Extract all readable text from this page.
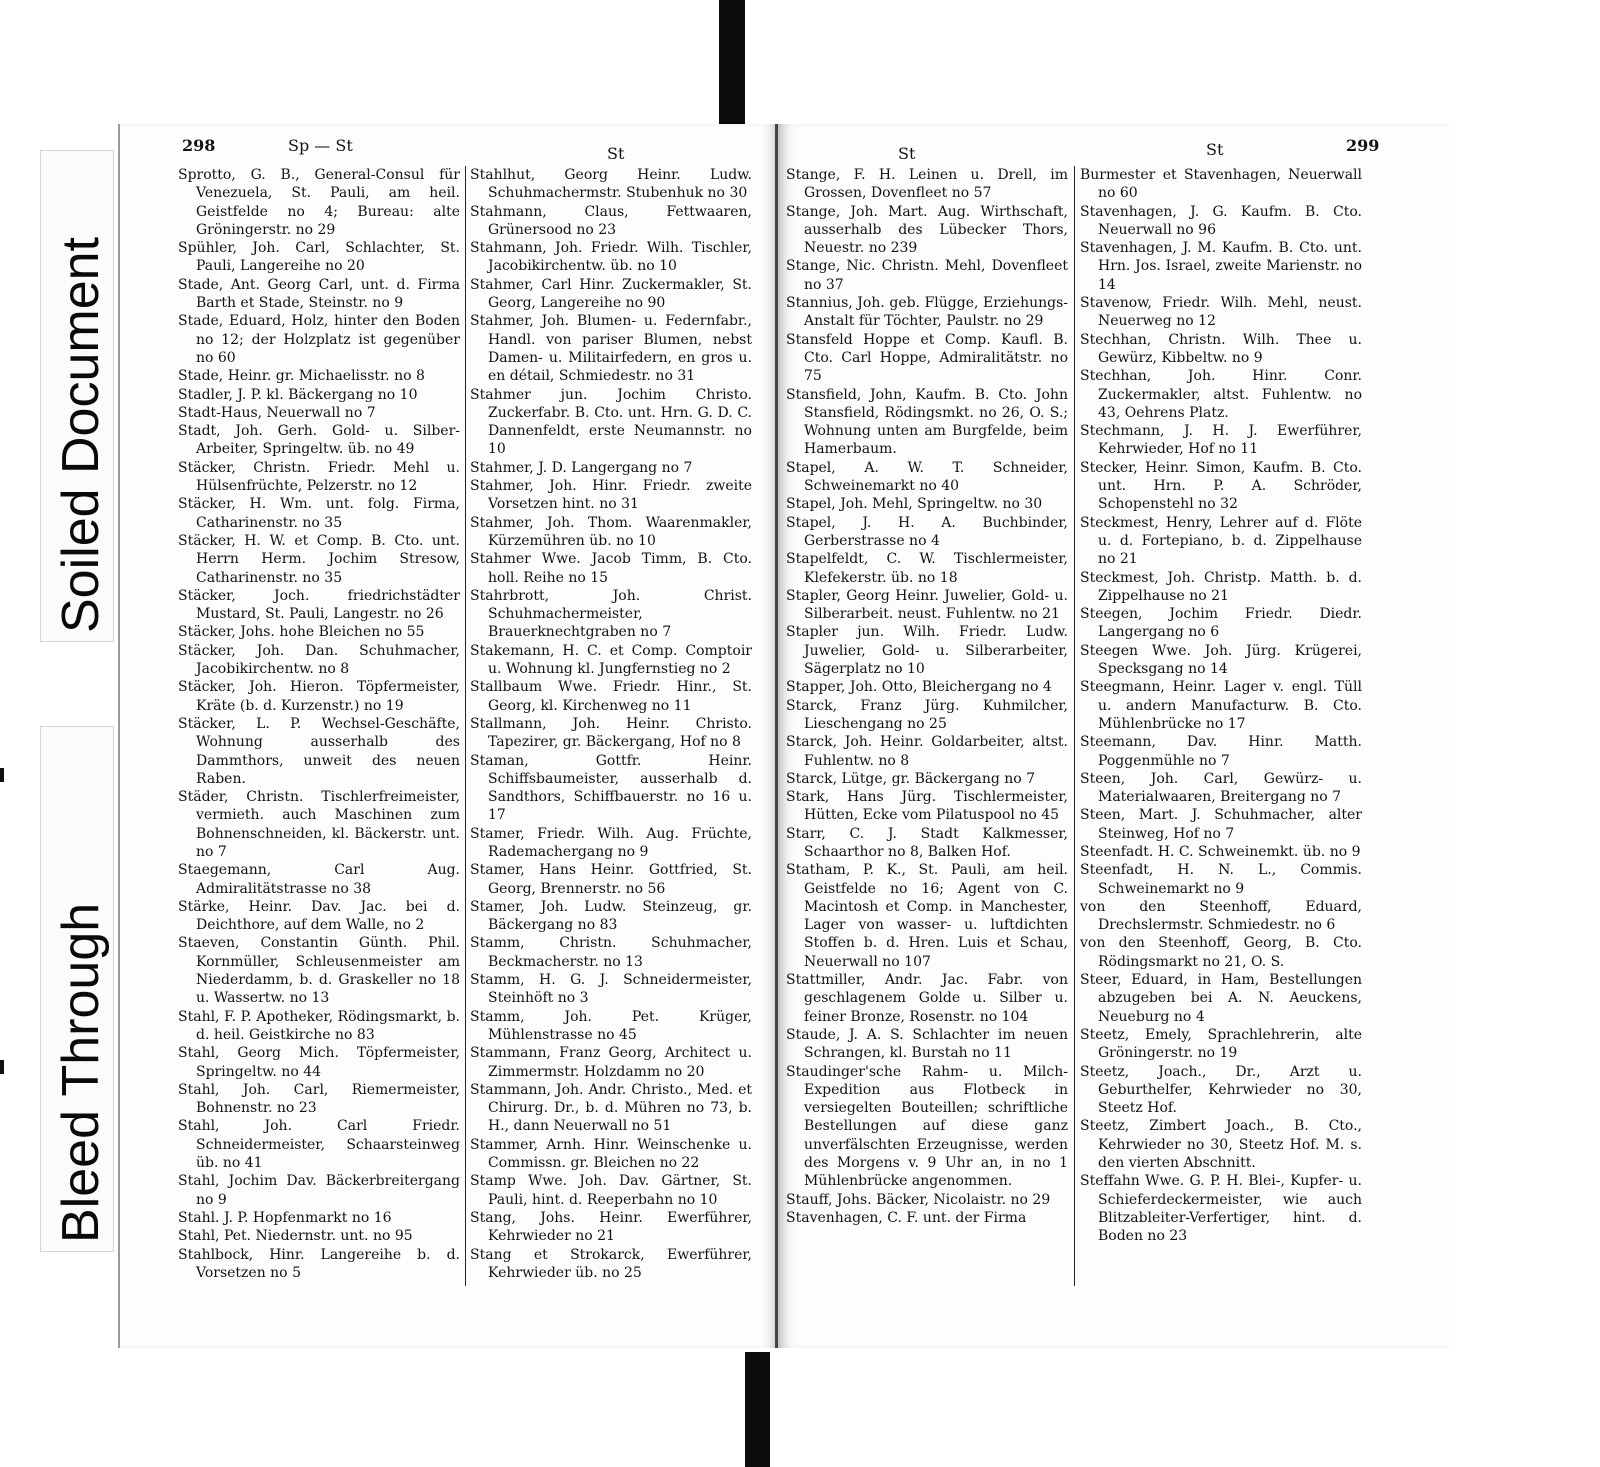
Soiled Document
Bleed Through
298	Sp — St	St

Sprotto, G. B., General-Consul für Venezuela, St. Pauli, am heil. Geistfelde no 4; Bureau: alte Gröningerstr. no 29

Spühler, Joh. Carl, Schlachter, St. Pauli, Langereihe no 20

Stade, Ant. Georg Carl, unt. d. Firma Barth et Stade, Steinstr. no 9

Stade, Eduard, Holz, hinter den Boden no 12; der Holzplatz ist gegenüber no 60

Stade, Heinr. gr. Michaelisstr. no 8

Stadler, J. P. kl. Bäckergang no 10

Stadt-Haus, Neuerwall no 7

Stadt, Joh. Gerh. Gold- u. Silber-Arbeiter, Springeltw. üb. no 49

Stäcker, Christn. Friedr. Mehl u. Hülsenfrüchte, Pelzerstr. no 12

Stäcker, H. Wm. unt. folg. Firma, Catharinenstr. no 35

Stäcker, H. W. et Comp. B. Cto. unt. Herrn Herm. Jochim Stresow, Catharinenstr. no 35

Stäcker, Joch. friedrichstädter Mustard, St. Pauli, Langestr. no 26

Stäcker, Johs. hohe Bleichen no 55

Stäcker, Joh. Dan. Schuhmacher, Jacobikirchentw. no 8

Stäcker, Joh. Hieron. Töpfermeister, Kräte (b. d. Kurzenstr.) no 19

Stäcker, L. P. Wechsel-Geschäfte, Wohnung ausserhalb des Dammthors, unweit des neuen Raben.

Städer, Christn. Tischlerfreimeister, vermieth. auch Maschinen zum Bohnenschneiden, kl. Bäckerstr. unt. no 7

Staegemann, Carl Aug. Admiralitätstrasse no 38

Stärke, Heinr. Dav. Jac. bei d. Deichthore, auf dem Walle, no 2

Staeven, Constantin Günth. Phil. Kornmüller, Schleusenmeister am Niederdamm, b. d. Graskeller no 18 u. Wassertw. no 13

Stahl, F. P. Apotheker, Rödingsmarkt, b. d. heil. Geistkirche no 83

Stahl, Georg Mich. Töpfermeister, Springeltw. no 44

Stahl, Joh. Carl, Riemermeister, Bohnenstr. no 23

Stahl, Joh. Carl Friedr. Schneidermeister, Schaarsteinweg üb. no 41

Stahl, Jochim Dav. Bäckerbreitergang no 9

Stahl. J. P. Hopfenmarkt no 16

Stahl, Pet. Niedernstr. unt. no 95

Stahlbock, Hinr. Langereihe b. d. Vorsetzen no 5

Stahlhut, Georg Heinr. Ludw. Schuhmachermstr. Stubenhuk no 30

Stahmann, Claus, Fettwaaren, Grünersood no 23

Stahmann, Joh. Friedr. Wilh. Tischler, Jacobikirchentw. üb. no 10

Stahmer, Carl Hinr. Zuckermakler, St. Georg, Langereihe no 90

Stahmer, Joh. Blumen- u. Federnfabr., Handl. von pariser Blumen, nebst Damen- u. Militairfedern, en gros u. en détail, Schmiedestr. no 31

Stahmer jun. Jochim Christo. Zuckerfabr. B. Cto. unt. Hrn. G. D. C. Dannenfeldt, erste Neumannstr. no 10

Stahmer, J. D. Langergang no 7

Stahmer, Joh. Hinr. Friedr. zweite Vorsetzen hint. no 31

Stahmer, Joh. Thom. Waarenmakler, Kürzemühren üb. no 10

Stahmer Wwe. Jacob Timm, B. Cto. holl. Reihe no 15

Stahrbrott, Joh. Christ. Schuhmachermeister, Brauerknechtgraben no 7

Stakemann, H. C. et Comp. Comptoir u. Wohnung kl. Jungfernstieg no 2

Stallbaum Wwe. Friedr. Hinr., St. Georg, kl. Kirchenweg no 11

Stallmann, Joh. Heinr. Christo. Tapezirer, gr. Bäckergang, Hof no 8

Staman, Gottfr. Heinr. Schiffsbaumeister, ausserhalb d. Sandthors, Schiffbauerstr. no 16 u. 17

Stamer, Friedr. Wilh. Aug. Früchte, Rademachergang no 9

Stamer, Hans Heinr. Gottfried, St. Georg, Brennerstr. no 56

Stamer, Joh. Ludw. Steinzeug, gr. Bäckergang no 83

Stamm, Christn. Schuhmacher, Beckmacherstr. no 13

Stamm, H. G. J. Schneidermeister, Steinhöft no 3

Stamm, Joh. Pet. Krüger, Mühlenstrasse no 45

Stammann, Franz Georg, Architect u. Zimmermstr. Holzdamm no 20

Stammann, Joh. Andr. Christo., Med. et Chirurg. Dr., b. d. Mühren no 73, b. H., dann Neuerwall no 51

Stammer, Arnh. Hinr. Weinschenke u. Commissn. gr. Bleichen no 22

Stamp Wwe. Joh. Dav. Gärtner, St. Pauli, hint. d. Reeperbahn no 10

Stang, Johs. Heinr. Ewerführer, Kehrwieder no 21

Stang et Strokarck, Ewerführer, Kehrwieder üb. no 25

St	St	299

Stange, F. H. Leinen u. Drell, im Grossen, Dovenfleet no 57

Stange, Joh. Mart. Aug. Wirthschaft, ausserhalb des Lübecker Thors, Neuestr. no 239

Stange, Nic. Christn. Mehl, Dovenfleet no 37

Stannius, Joh. geb. Flügge, Erziehungs-Anstalt für Töchter, Paulstr. no 29

Stansfeld Hoppe et Comp. Kaufl. B. Cto. Carl Hoppe, Admiralitätstr. no 75

Stansfield, John, Kaufm. B. Cto. John Stansfield, Rödingsmkt. no 26, O. S.; Wohnung unten am Burgfelde, beim Hamerbaum.

Stapel, A. W. T. Schneider, Schweinemarkt no 40

Stapel, Joh. Mehl, Springeltw. no 30

Stapel, J. H. A. Buchbinder, Gerberstrasse no 4

Stapelfeldt, C. W. Tischlermeister, Klefekerstr. üb. no 18

Stapler, Georg Heinr. Juwelier, Gold- u. Silberarbeit. neust. Fuhlentw. no 21

Stapler jun. Wilh. Friedr. Ludw. Juwelier, Gold- u. Silberarbeiter, Sägerplatz no 10

Stapper, Joh. Otto, Bleichergang no 4

Starck, Franz Jürg. Kuhmilcher, Lieschengang no 25

Starck, Joh. Heinr. Goldarbeiter, altst. Fuhlentw. no 8

Starck, Lütge, gr. Bäckergang no 7

Stark, Hans Jürg. Tischlermeister, Hütten, Ecke vom Pilatuspool no 45

Starr, C. J. Stadt Kalkmesser, Schaarthor no 8, Balken Hof.

Statham, P. K., St. Pauli, am heil. Geistfelde no 16; Agent von C. Macintosh et Comp. in Manchester, Lager von wasser- u. luftdichten Stoffen b. d. Hren. Luis et Schau, Neuerwall no 107

Stattmiller, Andr. Jac. Fabr. von geschlagenem Golde u. Silber u. feiner Bronze, Rosenstr. no 104

Staude, J. A. S. Schlachter im neuen Schrangen, kl. Burstah no 11

Staudinger'sche Rahm- u. Milch-Expedition aus Flotbeck in versiegelten Bouteillen; schriftliche Bestellungen auf diese ganz unverfälschten Erzeugnisse, werden des Morgens v. 9 Uhr an, in no 1 Mühlenbrücke angenommen.

Stauff, Johs. Bäcker, Nicolaistr. no 29

Stavenhagen, C. F. unt. der Firma

Burmester et Stavenhagen, Neuerwall no 60

Stavenhagen, J. G. Kaufm. B. Cto. Neuerwall no 96

Stavenhagen, J. M. Kaufm. B. Cto. unt. Hrn. Jos. Israel, zweite Marienstr. no 14

Stavenow, Friedr. Wilh. Mehl, neust. Neuerweg no 12

Stechhan, Christn. Wilh. Thee u. Gewürz, Kibbeltw. no 9

Stechhan, Joh. Hinr. Conr. Zuckermakler, altst. Fuhlentw. no 43, Oehrens Platz.

Stechmann, J. H. J. Ewerführer, Kehrwieder, Hof no 11

Stecker, Heinr. Simon, Kaufm. B. Cto. unt. Hrn. P. A. Schröder, Schopenstehl no 32

Steckmest, Henry, Lehrer auf d. Flöte u. d. Fortepiano, b. d. Zippelhause no 21

Steckmest, Joh. Christp. Matth. b. d. Zippelhause no 21

Steegen, Jochim Friedr. Diedr. Langergang no 6

Steegen Wwe. Joh. Jürg. Krügerei, Specksgang no 14

Steegmann, Heinr. Lager v. engl. Tüll u. andern Manufacturw. B. Cto. Mühlenbrücke no 17

Steemann, Dav. Hinr. Matth. Poggenmühle no 7

Steen, Joh. Carl, Gewürz- u. Materialwaaren, Breitergang no 7

Steen, Mart. J. Schuhmacher, alter Steinweg, Hof no 7

Steenfadt. H. C. Schweinemkt. üb. no 9

Steenfadt, H. N. L., Commis. Schweinemarkt no 9

von den Steenhoff, Eduard, Drechslermstr. Schmiedestr. no 6

von den Steenhoff, Georg, B. Cto. Rödingsmarkt no 21, O. S.

Steer, Eduard, in Ham, Bestellungen abzugeben bei A. N. Aeuckens, Neueburg no 4

Steetz, Emely, Sprachlehrerin, alte Gröningerstr. no 19

Steetz, Joach., Dr., Arzt u. Geburthelfer, Kehrwieder no 30, Steetz Hof.

Steetz, Zimbert Joach., B. Cto., Kehrwieder no 30, Steetz Hof. M. s. den vierten Abschnitt.

Steffahn Wwe. G. P. H. Blei-, Kupfer- u. Schieferdeckermeister, wie auch Blitzableiter-Verfertiger, hint. d. Boden no 23
